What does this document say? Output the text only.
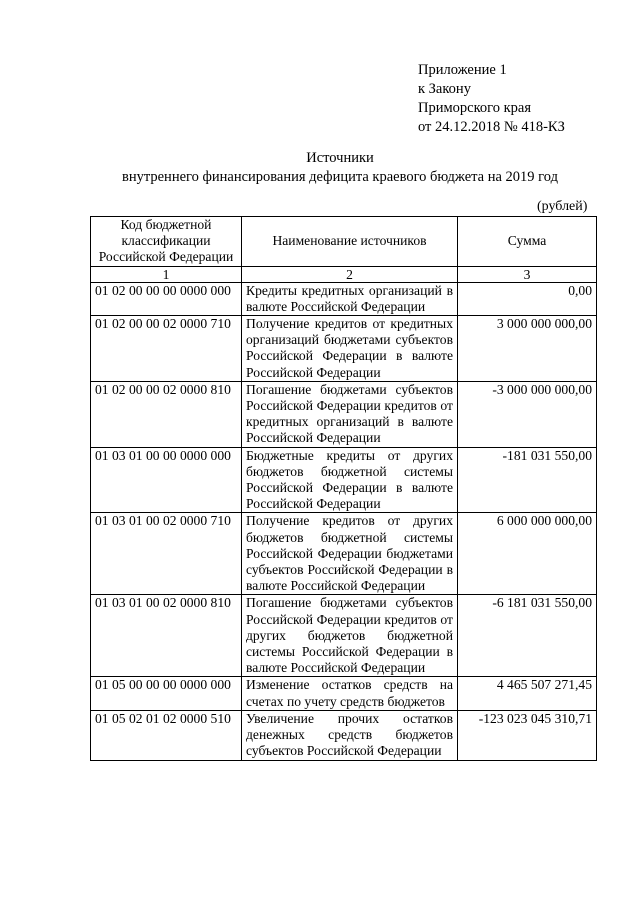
Приложение 1
к Закону
Приморского края
от 24.12.2018 № 418-КЗ
Источники
внутреннего финансирования дефицита краевого бюджета на 2019 год
(рублей)
Код бюджетной классификации Российской Федерации	Наименование источников	Сумма
1	2	3
01 02 00 00 00 0000 000	Кредиты кредитных организаций в валюте Российской Федерации	0,00
01 02 00 00 02 0000 710	Получение кредитов от кредитных организаций бюджетами субъектов Российской Федерации в валюте Российской Федерации	3 000 000 000,00
01 02 00 00 02 0000 810	Погашение бюджетами субъектов Российской Федерации кредитов от кредитных организаций в валюте Российской Федерации	-3 000 000 000,00
01 03 01 00 00 0000 000	Бюджетные кредиты от других бюджетов бюджетной системы Российской Федерации в валюте Российской Федерации	-181 031 550,00
01 03 01 00 02 0000 710	Получение кредитов от других бюджетов бюджетной системы Российской Федерации бюджетами субъектов Российской Федерации в валюте Российской Федерации	6 000 000 000,00
01 03 01 00 02 0000 810	Погашение бюджетами субъектов Российской Федерации кредитов от других бюджетов бюджетной системы Российской Федерации в валюте Российской Федерации	-6 181 031 550,00
01 05 00 00 00 0000 000	Изменение остатков средств на счетах по учету средств бюджетов	4 465 507 271,45
01 05 02 01 02 0000 510	Увеличение прочих остатков денежных средств бюджетов субъектов Российской Федерации	-123 023 045 310,71
